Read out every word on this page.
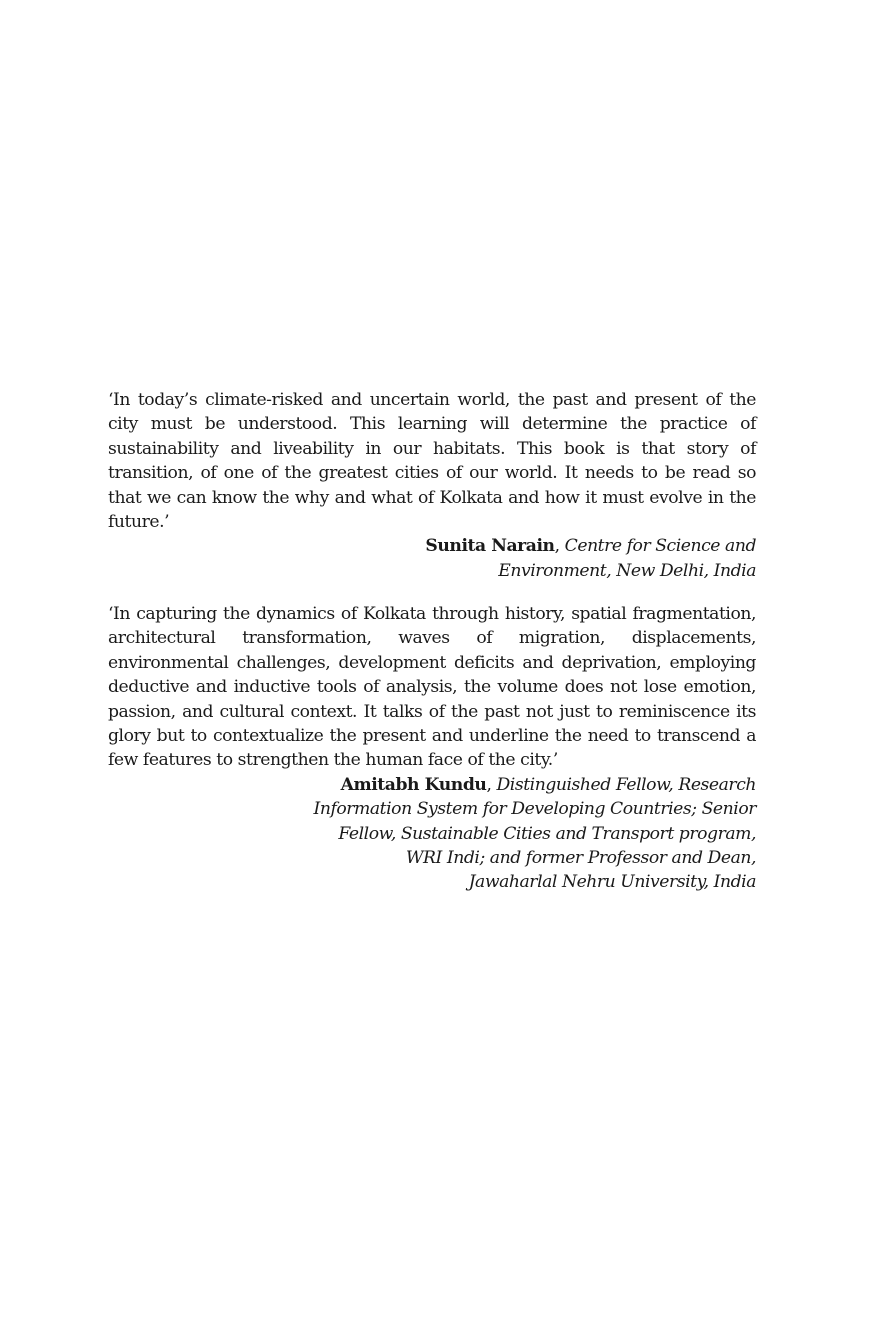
‘In today’s climate-risked and uncertain world, the past and present of the city must be understood. This learning will determine the practice of sustainability and liveability in our habitats. This book is that story of transition, of one of the greatest cities of our world. It needs to be read so that we can know the why and what of Kolkata and how it must evolve in the future.’

Sunita Narain, Centre for Science and
Environment, New Delhi, India

‘In capturing the dynamics of Kolkata through history, spatial fragmentation, architectural transformation, waves of migration, displacements, environmental challenges, development deficits and deprivation, employing deductive and inductive tools of analysis, the volume does not lose emotion, passion, and cultural context. It talks of the past not just to reminiscence its glory but to contextualize the present and underline the need to transcend a few features to strengthen the human face of the city.’

Amitabh Kundu, Distinguished Fellow, Research
Information System for Developing Countries; Senior
Fellow, Sustainable Cities and Transport program,
WRI Indi; and former Professor and Dean,
Jawaharlal Nehru University, India
